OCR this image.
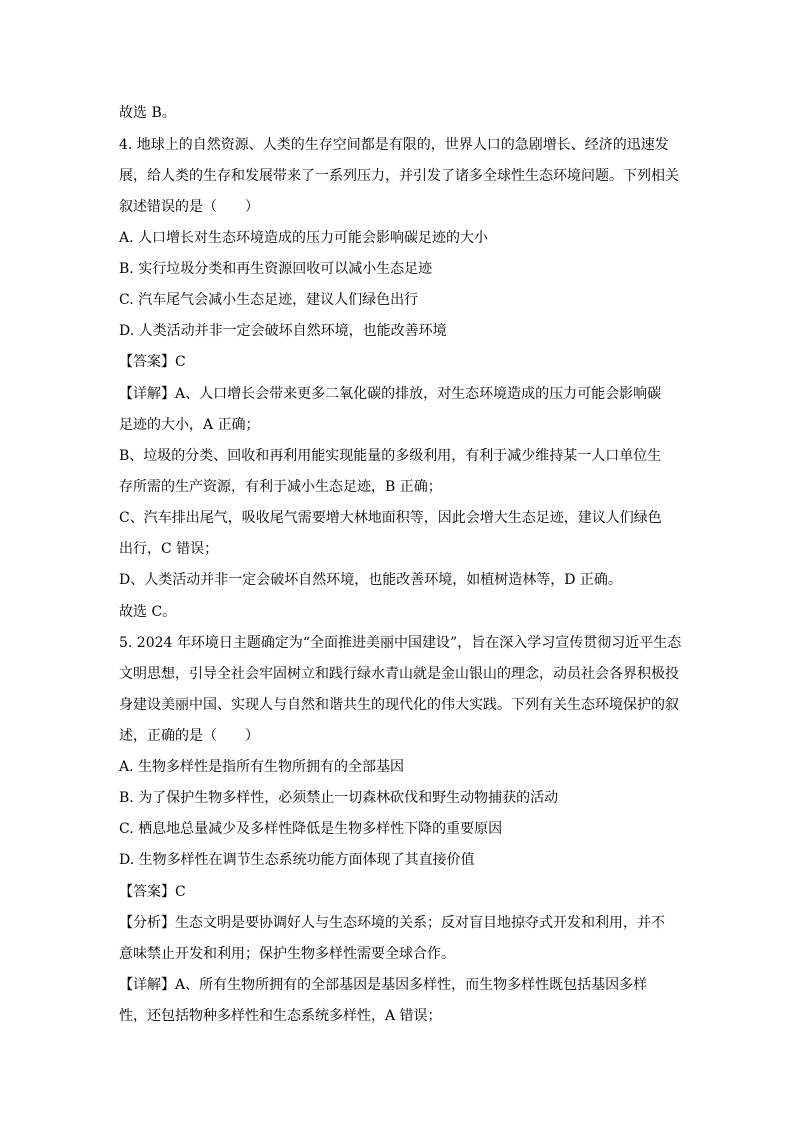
故选 B。
4. 地球上的自然资源、人类的生存空间都是有限的，世界人口的急剧增长、经济的迅速发
展，给人类的生存和发展带来了一系列压力，并引发了诸多全球性生态环境问题。下列相关
叙述错误的是（　　）
A. 人口增长对生态环境造成的压力可能会影响碳足迹的大小
B. 实行垃圾分类和再生资源回收可以减小生态足迹
C. 汽车尾气会减小生态足迹，建议人们绿色出行
D. 人类活动并非一定会破坏自然环境，也能改善环境
【答案】C
【详解】A、人口增长会带来更多二氧化碳的排放，对生态环境造成的压力可能会影响碳
足迹的大小，A 正确；
B、垃圾的分类、回收和再利用能实现能量的多级利用，有利于减少维持某一人口单位生
存所需的生产资源，有利于减小生态足迹，B 正确；
C、汽车排出尾气，吸收尾气需要增大林地面积等，因此会增大生态足迹，建议人们绿色
出行，C 错误；
D、人类活动并非一定会破坏自然环境，也能改善环境，如植树造林等，D 正确。
故选 C。
5. 2024 年环境日主题确定为“全面推进美丽中国建设”，旨在深入学习宣传贯彻习近平生态
文明思想，引导全社会牢固树立和践行绿水青山就是金山银山的理念，动员社会各界积极投
身建设美丽中国、实现人与自然和谐共生的现代化的伟大实践。下列有关生态环境保护的叙
述，正确的是（　　）
A. 生物多样性是指所有生物所拥有的全部基因
B. 为了保护生物多样性，必须禁止一切森林砍伐和野生动物捕获的活动
C. 栖息地总量减少及多样性降低是生物多样性下降的重要原因
D. 生物多样性在调节生态系统功能方面体现了其直接价值
【答案】C
【分析】生态文明是要协调好人与生态环境的关系；反对盲目地掠夺式开发和利用，并不
意味禁止开发和利用；保护生物多样性需要全球合作。
【详解】A、所有生物所拥有的全部基因是基因多样性，而生物多样性既包括基因多样
性，还包括物种多样性和生态系统多样性，A 错误；
